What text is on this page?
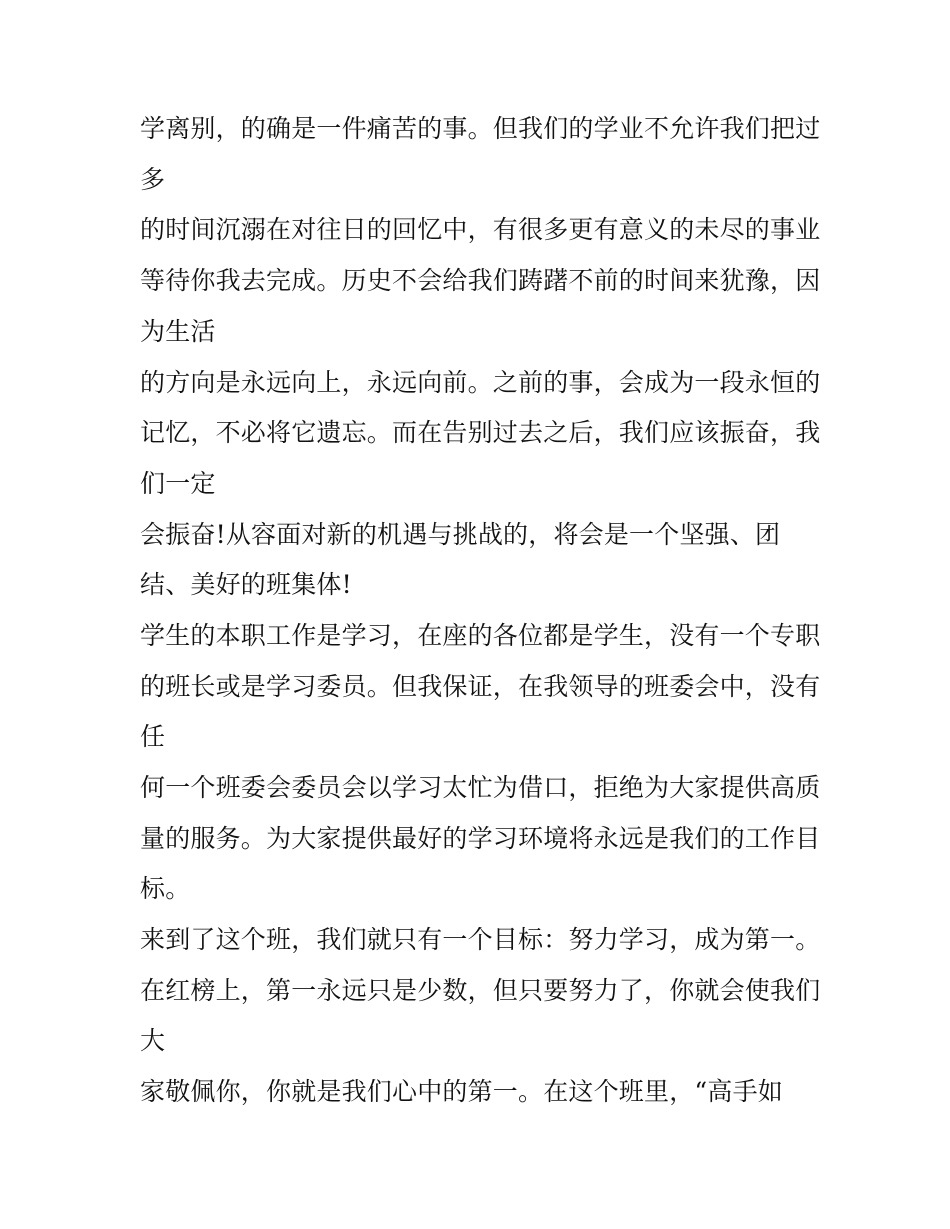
学离别，的确是一件痛苦的事。但我们的学业不允许我们把过

多

的时间沉溺在对往日的回忆中，有很多更有意义的未尽的事业

等待你我去完成。历史不会给我们踌躇不前的时间来犹豫，因

为生活

的方向是永远向上，永远向前。之前的事，会成为一段永恒的

记忆，不必将它遗忘。而在告别过去之后，我们应该振奋，我

们一定

会振奋!从容面对新的机遇与挑战的，将会是一个坚强、团

结、美好的班集体!

学生的本职工作是学习，在座的各位都是学生，没有一个专职

的班长或是学习委员。但我保证，在我领导的班委会中，没有

任

何一个班委会委员会以学习太忙为借口，拒绝为大家提供高质

量的服务。为大家提供最好的学习环境将永远是我们的工作目

标。

来到了这个班，我们就只有一个目标：努力学习，成为第一。

在红榜上，第一永远只是少数，但只要努力了，你就会使我们

大

家敬佩你，你就是我们心中的第一。在这个班里，“高手如
